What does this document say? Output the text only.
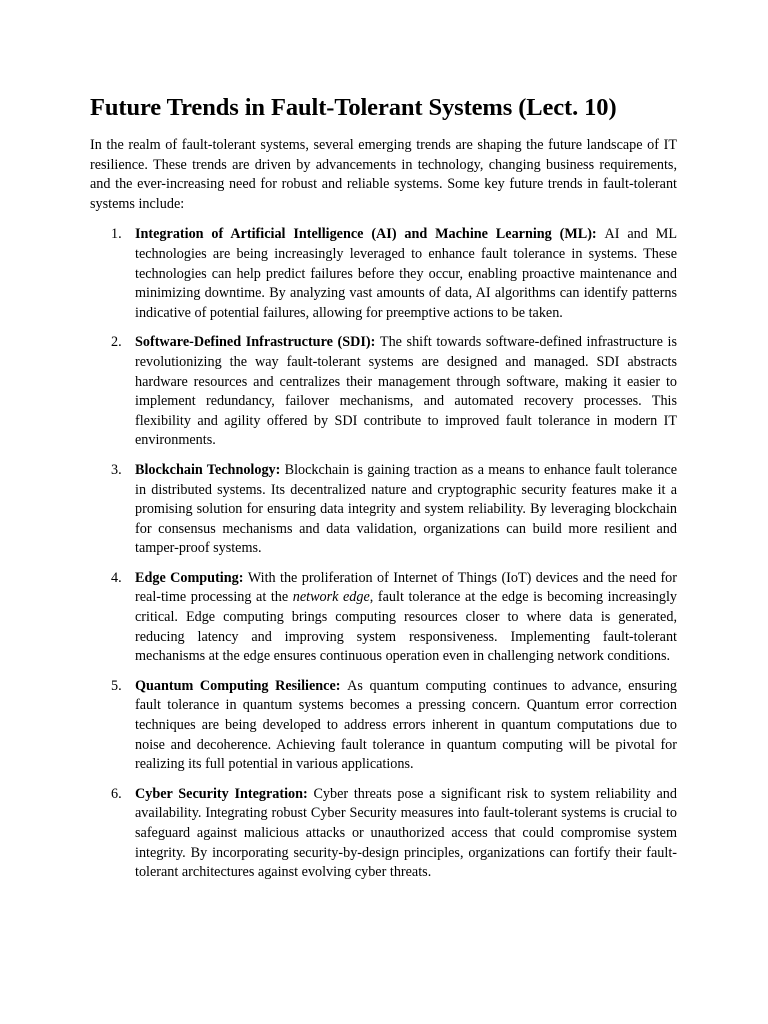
Future Trends in Fault-Tolerant Systems (Lect. 10)

In the realm of fault-tolerant systems, several emerging trends are shaping the future landscape of IT resilience. These trends are driven by advancements in technology, changing business requirements, and the ever-increasing need for robust and reliable systems. Some key future trends in fault-tolerant systems include:

1. Integration of Artificial Intelligence (AI) and Machine Learning (ML): AI and ML technologies are being increasingly leveraged to enhance fault tolerance in systems. These technologies can help predict failures before they occur, enabling proactive maintenance and minimizing downtime. By analyzing vast amounts of data, AI algorithms can identify patterns indicative of potential failures, allowing for preemptive actions to be taken.
2. Software-Defined Infrastructure (SDI): The shift towards software-defined infrastructure is revolutionizing the way fault-tolerant systems are designed and managed. SDI abstracts hardware resources and centralizes their management through software, making it easier to implement redundancy, failover mechanisms, and automated recovery processes. This flexibility and agility offered by SDI contribute to improved fault tolerance in modern IT environments.
3. Blockchain Technology: Blockchain is gaining traction as a means to enhance fault tolerance in distributed systems. Its decentralized nature and cryptographic security features make it a promising solution for ensuring data integrity and system reliability. By leveraging blockchain for consensus mechanisms and data validation, organizations can build more resilient and tamper-proof systems.
4. Edge Computing: With the proliferation of Internet of Things (IoT) devices and the need for real-time processing at the network edge, fault tolerance at the edge is becoming increasingly critical. Edge computing brings computing resources closer to where data is generated, reducing latency and improving system responsiveness. Implementing fault-tolerant mechanisms at the edge ensures continuous operation even in challenging network conditions.
5. Quantum Computing Resilience: As quantum computing continues to advance, ensuring fault tolerance in quantum systems becomes a pressing concern. Quantum error correction techniques are being developed to address errors inherent in quantum computations due to noise and decoherence. Achieving fault tolerance in quantum computing will be pivotal for realizing its full potential in various applications.
6. Cyber Security Integration: Cyber threats pose a significant risk to system reliability and availability. Integrating robust Cyber Security measures into fault-tolerant systems is crucial to safeguard against malicious attacks or unauthorized access that could compromise system integrity. By incorporating security-by-design principles, organizations can fortify their fault-tolerant architectures against evolving cyber threats.
